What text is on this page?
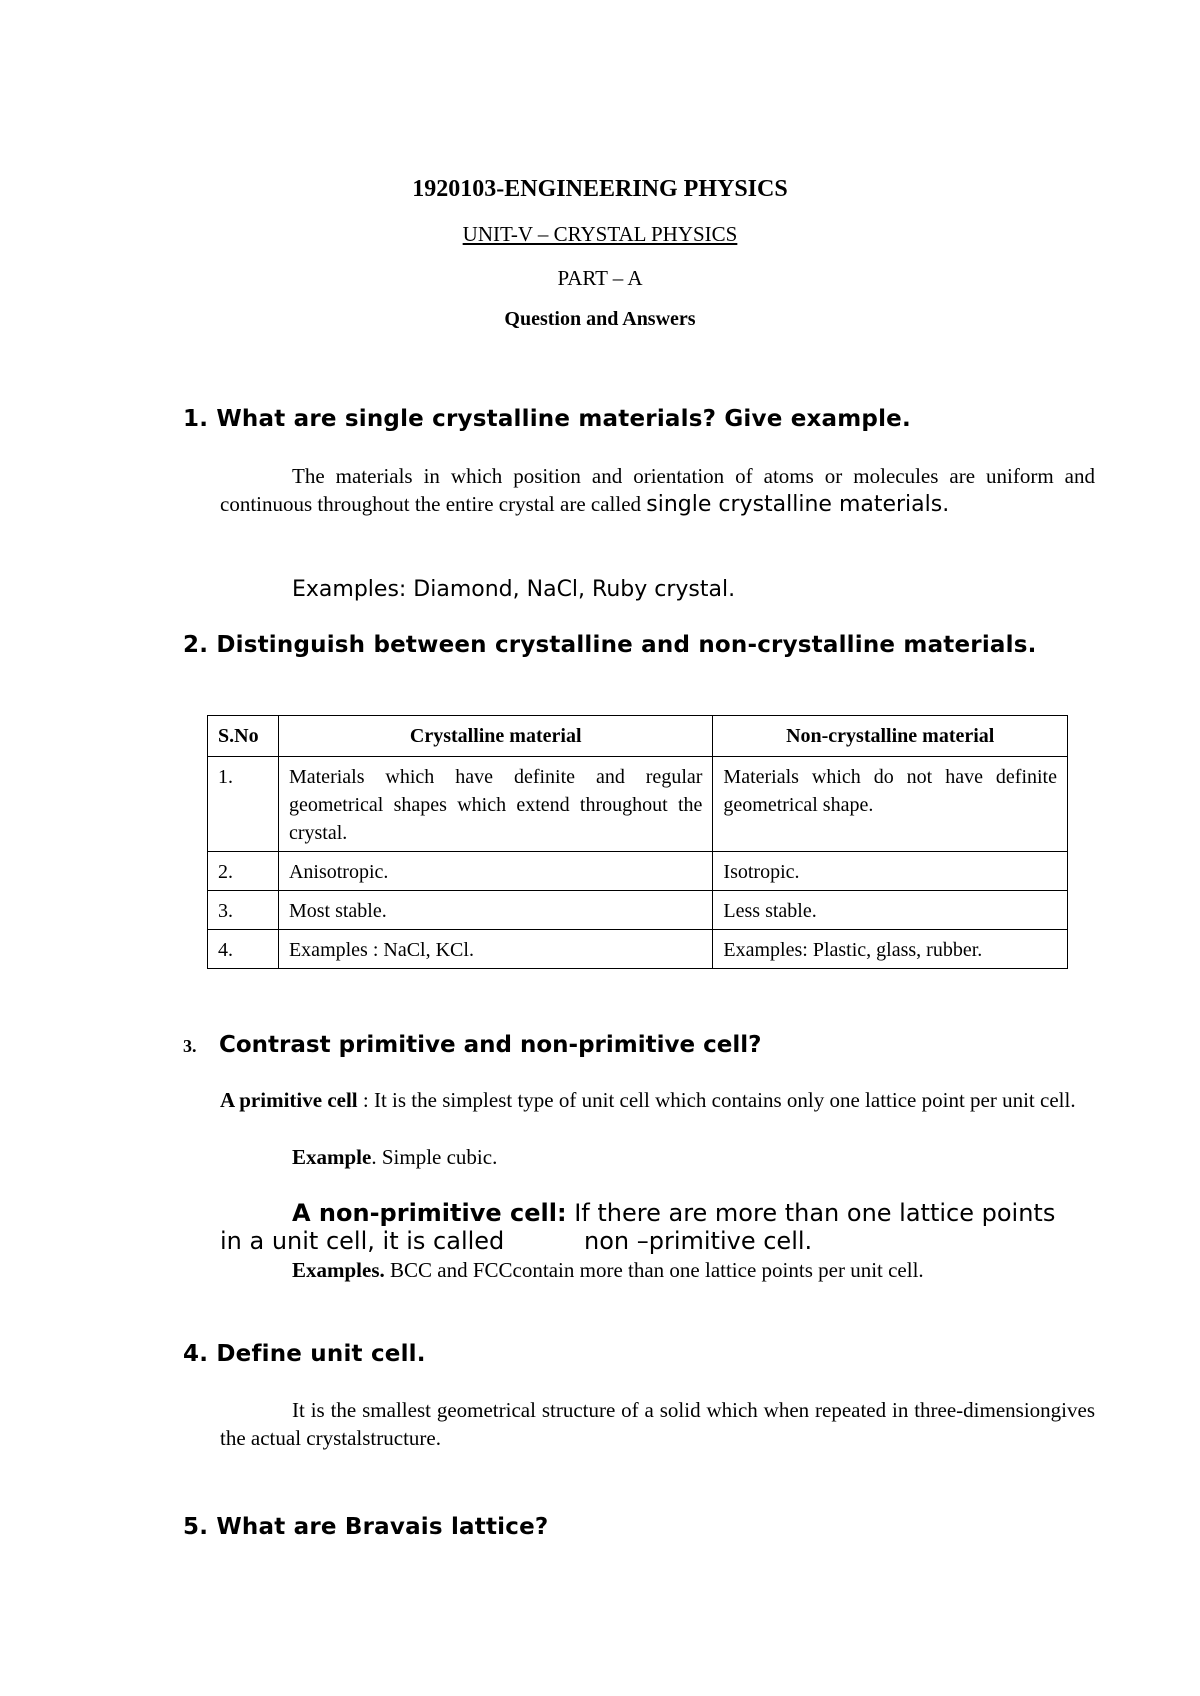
1920103-ENGINEERING PHYSICS
UNIT-V – CRYSTAL PHYSICS
PART – A
Question and Answers
1. What are single crystalline materials? Give example.
The materials in which position and orientation of atoms or molecules are uniform and continuous throughout the entire crystal are called single crystalline materials.
Examples: Diamond, NaCl, Ruby crystal.
2. Distinguish between crystalline and non-crystalline materials.
S.No	Crystalline material	Non-crystalline material
1.	Materials which have definite and regular geometrical shapes which extend throughout the crystal.	Materials which do not have definite geometrical shape.
2.	Anisotropic.	Isotropic.
3.	Most stable.	Less stable.
4.	Examples : NaCl, KCl.	Examples: Plastic, glass, rubber.
3. Contrast primitive and non-primitive cell?
A primitive cell : It is the simplest type of unit cell which contains only one lattice point per unit cell.
Example. Simple cubic.
A non-primitive cell: If there are more than one lattice points
in a unit cell, it is called	non –primitive cell.
Examples. BCC and FCCcontain more than one lattice points per unit cell.
4. Define unit cell.
It is the smallest geometrical structure of a solid which when repeated in three-dimensiongives the actual crystalstructure.
5. What are Bravais lattice?
